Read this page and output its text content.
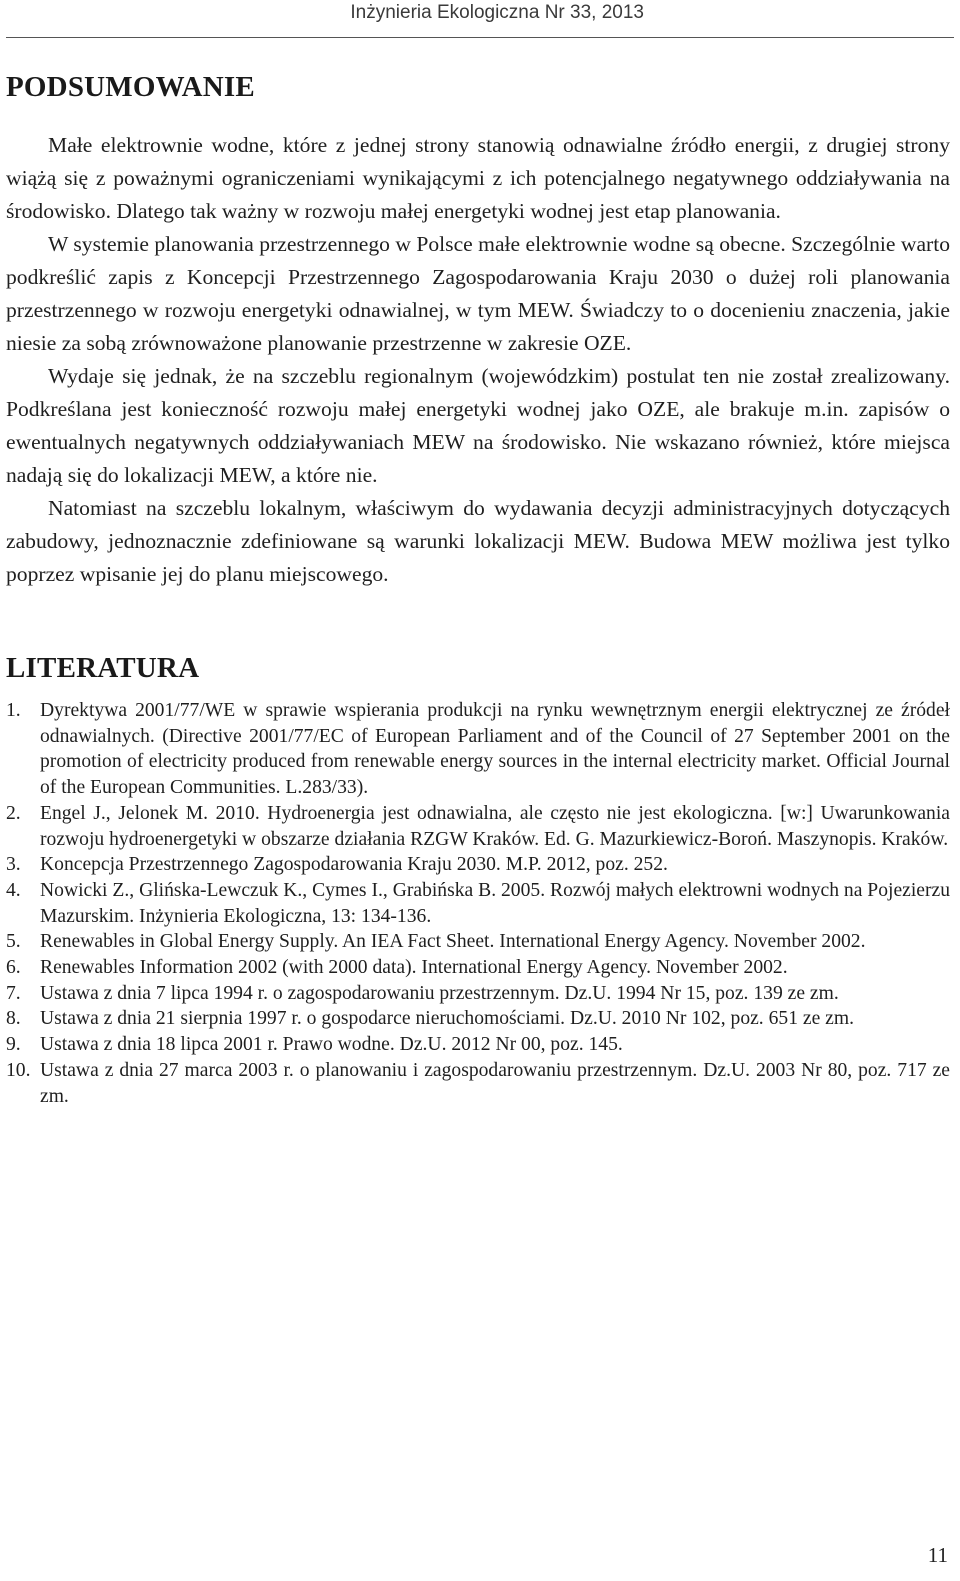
Inżynieria Ekologiczna Nr 33, 2013
PODSUMOWANIE

Małe elektrownie wodne, które z jednej strony stanowią odnawialne źródło energii, z drugiej strony wiążą się z poważnymi ograniczeniami wynikającymi z ich potencjalnego negatywnego oddziaływania na środowisko. Dlatego tak ważny w rozwoju małej energetyki wodnej jest etap planowania.

W systemie planowania przestrzennego w Polsce małe elektrownie wodne są obecne. Szczególnie warto podkreślić zapis z Koncepcji Przestrzennego Zagospodarowania Kraju 2030 o dużej roli planowania przestrzennego w rozwoju energetyki odnawialnej, w tym MEW. Świadczy to o docenieniu znaczenia, jakie niesie za sobą zrównoważone planowanie przestrzenne w zakresie OZE.

Wydaje się jednak, że na szczeblu regionalnym (wojewódzkim) postulat ten nie został zrealizowany. Podkreślana jest konieczność rozwoju małej energetyki wodnej jako OZE, ale brakuje m.in. zapisów o ewentualnych negatywnych oddziaływaniach MEW na środowisko. Nie wskazano również, które miejsca nadają się do lokalizacji MEW, a które nie.

Natomiast na szczeblu lokalnym, właściwym do wydawania decyzji administracyjnych dotyczących zabudowy, jednoznacznie zdefiniowane są warunki lokalizacji MEW. Budowa MEW możliwa jest tylko poprzez wpisanie jej do planu miejscowego.

LITERATURA
1. Dyrektywa 2001/77/WE w sprawie wspierania produkcji na rynku wewnętrznym energii elektrycznej ze źródeł odnawialnych. (Directive 2001/77/EC of European Parliament and of the Council of 27 September 2001 on the promotion of electricity produced from renewable energy sources in the internal electricity market. Official Journal of the European Communities. L.283/33).
2. Engel J., Jelonek M. 2010. Hydroenergia jest odnawialna, ale często nie jest ekologiczna. [w:] Uwarunkowania rozwoju hydroenergetyki w obszarze działania RZGW Kraków. Ed. G. Mazurkiewicz-Boroń. Maszynopis. Kraków.
3. Koncepcja Przestrzennego Zagospodarowania Kraju 2030. M.P. 2012, poz. 252.
4. Nowicki Z., Glińska-Lewczuk K., Cymes I., Grabińska B. 2005. Rozwój małych elektrowni wodnych na Pojezierzu Mazurskim. Inżynieria Ekologiczna, 13: 134-136.
5. Renewables in Global Energy Supply. An IEA Fact Sheet. International Energy Agency. November 2002.
6. Renewables Information 2002 (with 2000 data). International Energy Agency. November 2002.
7. Ustawa z dnia 7 lipca 1994 r. o zagospodarowaniu przestrzennym. Dz.U. 1994 Nr 15, poz. 139 ze zm.
8. Ustawa z dnia 21 sierpnia 1997 r. o gospodarce nieruchomościami. Dz.U. 2010 Nr 102, poz. 651 ze zm.
9. Ustawa z dnia 18 lipca 2001 r. Prawo wodne. Dz.U. 2012 Nr 00, poz. 145.
10. Ustawa z dnia 27 marca 2003 r. o planowaniu i zagospodarowaniu przestrzennym. Dz.U. 2003 Nr 80, poz. 717 ze zm.
11
